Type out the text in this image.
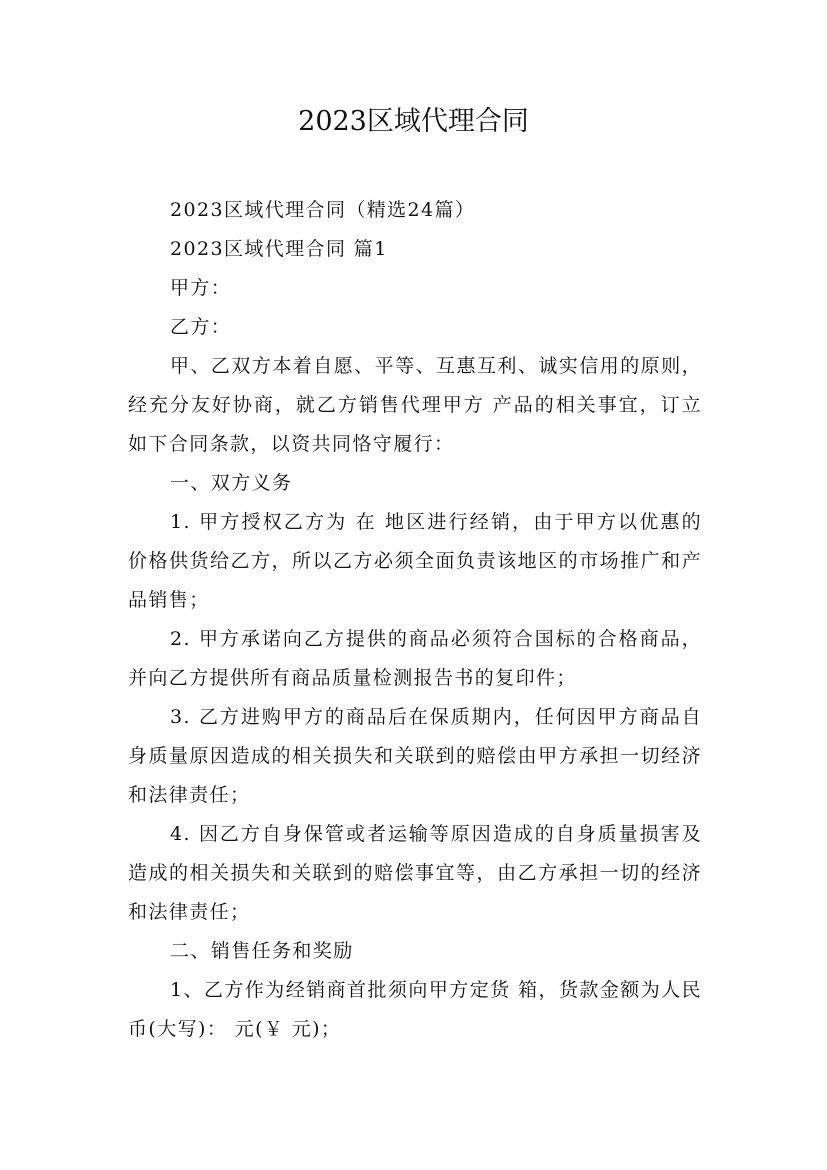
2023区域代理合同

2023区域代理合同（精选24篇）

2023区域代理合同 篇1

甲方：

乙方：

甲、乙双方本着自愿、平等、互惠互利、诚实信用的原则，经充分友好协商，就乙方销售代理甲方 产品的相关事宜，订立如下合同条款，以资共同恪守履行：

一、双方义务

1. 甲方授权乙方为 在 地区进行经销，由于甲方以优惠的价格供货给乙方，所以乙方必须全面负责该地区的市场推广和产品销售；

2. 甲方承诺向乙方提供的商品必须符合国标的合格商品，并向乙方提供所有商品质量检测报告书的复印件；

3. 乙方进购甲方的商品后在保质期内，任何因甲方商品自身质量原因造成的相关损失和关联到的赔偿由甲方承担一切经济和法律责任；

4. 因乙方自身保管或者运输等原因造成的自身质量损害及造成的相关损失和关联到的赔偿事宜等，由乙方承担一切的经济和法律责任；

二、销售任务和奖励

1、乙方作为经销商首批须向甲方定货 箱，货款金额为人民币(大写)： 元(￥ 元)；
